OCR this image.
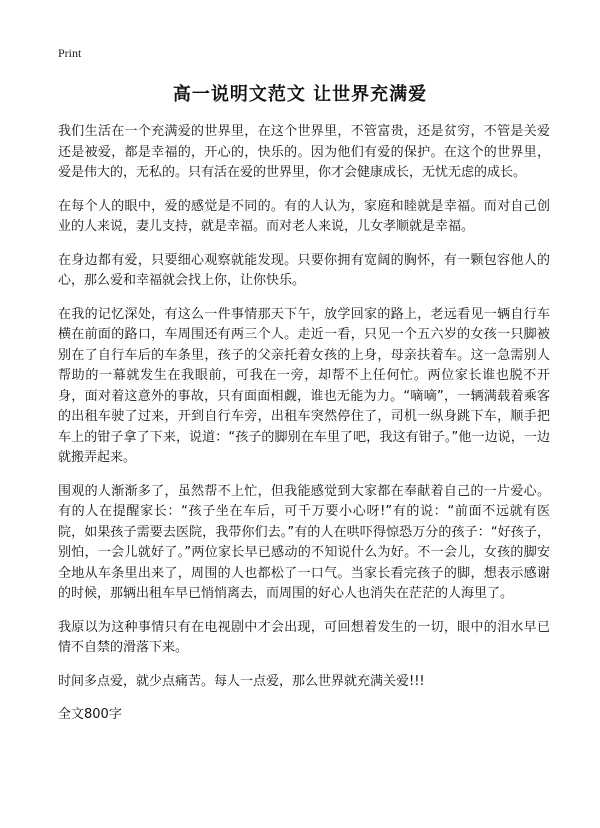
Print
高一说明文范文 让世界充满爱

我们生活在一个充满爱的世界里，在这个世界里，不管富贵，还是贫穷，不管是关爱还是被爱，都是幸福的，开心的，快乐的。因为他们有爱的保护。在这个的世界里，爱是伟大的，无私的。只有活在爱的世界里，你才会健康成长，无忧无虑的成长。

在每个人的眼中，爱的感觉是不同的。有的人认为，家庭和睦就是幸福。而对自己创业的人来说，妻儿支持，就是幸福。而对老人来说，儿女孝顺就是幸福。

在身边都有爱，只要细心观察就能发现。只要你拥有宽阔的胸怀，有一颗包容他人的心，那么爱和幸福就会找上你，让你快乐。

在我的记忆深处，有这么一件事情那天下午，放学回家的路上，老远看见一辆自行车横在前面的路口，车周围还有两三个人。走近一看，只见一个五六岁的女孩一只脚被别在了自行车后的车条里，孩子的父亲托着女孩的上身，母亲扶着车。这一急需别人帮助的一幕就发生在我眼前，可我在一旁，却帮不上任何忙。两位家长谁也脱不开身，面对着这意外的事故，只有面面相觑，谁也无能为力。“嘀嘀”，一辆满载着乘客的出租车驶了过来，开到自行车旁，出租车突然停住了，司机一纵身跳下车，顺手把车上的钳子拿了下来，说道：“孩子的脚别在车里了吧，我这有钳子。”他一边说，一边就搬弄起来。

围观的人渐渐多了，虽然帮不上忙，但我能感觉到大家都在奉献着自己的一片爱心。有的人在提醒家长：“孩子坐在车后，可千万要小心呀!”有的说：“前面不远就有医院，如果孩子需要去医院，我带你们去。”有的人在哄吓得惊恐万分的孩子：“好孩子，别怕，一会儿就好了。”两位家长早已感动的不知说什么为好。不一会儿，女孩的脚安全地从车条里出来了，周围的人也都松了一口气。当家长看完孩子的脚，想表示感谢的时候，那辆出租车早已悄悄离去，而周围的好心人也消失在茫茫的人海里了。

我原以为这种事情只有在电视剧中才会出现，可回想着发生的一切，眼中的泪水早已情不自禁的滑落下来。

时间多点爱，就少点痛苦。每人一点爱，那么世界就充满关爱!!!

全文800字
